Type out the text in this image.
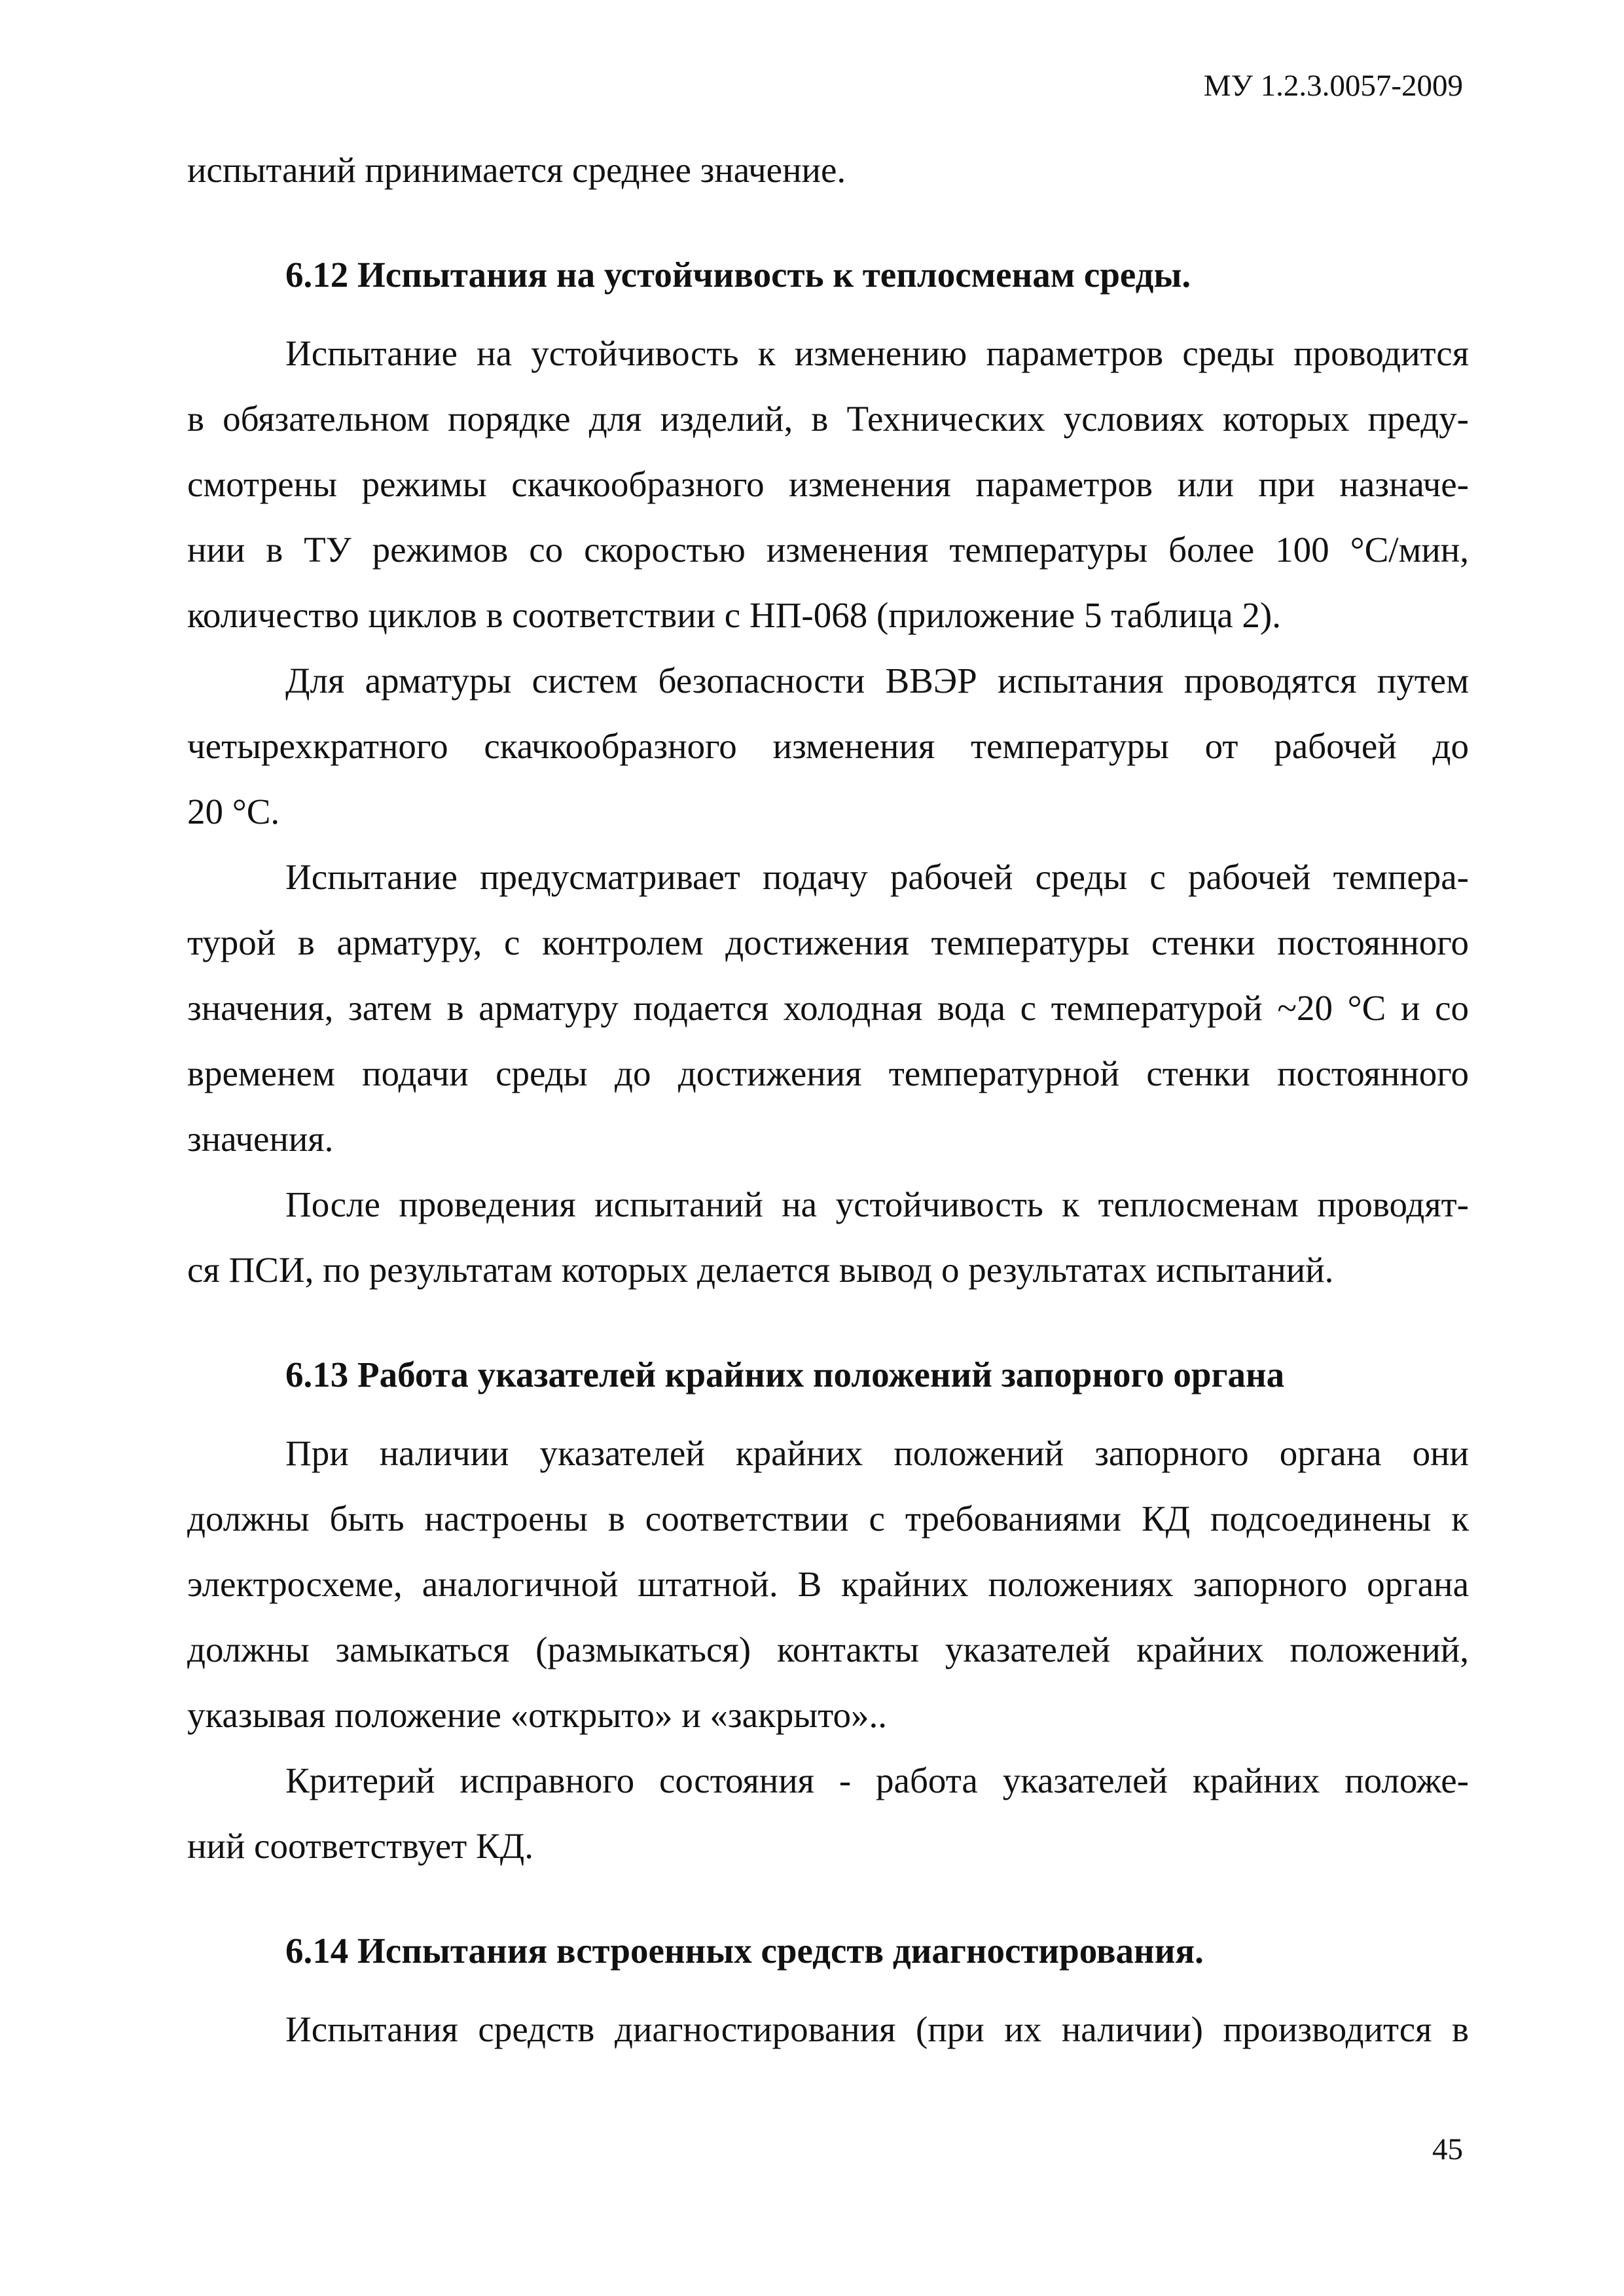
МУ 1.2.3.0057-2009
испытаний принимается среднее значение.
6.12 Испытания на устойчивость к теплосменам среды.
Испытание на устойчивость к изменению параметров среды проводится
в обязательном порядке для изделий, в Технических условиях которых преду-
смотрены режимы скачкообразного изменения параметров или при назначе-
нии в ТУ режимов со скоростью изменения температуры более 100 °С/мин,
количество циклов в соответствии с НП-068 (приложение 5 таблица 2).
Для арматуры систем безопасности ВВЭР испытания проводятся путем
четырехкратного скачкообразного изменения температуры от рабочей до
20 °С.
Испытание предусматривает подачу рабочей среды с рабочей темпера-
турой в арматуру, с контролем достижения температуры стенки постоянного
значения, затем в арматуру подается холодная вода с температурой ~20 °С и со
временем подачи среды до достижения температурной стенки постоянного
значения.
После проведения испытаний на устойчивость к теплосменам проводят-
ся ПСИ, по результатам которых делается вывод о результатах испытаний.
6.13 Работа указателей крайних положений запорного органа
При наличии указателей крайних положений запорного органа они
должны быть настроены в соответствии с требованиями КД подсоединены к
электросхеме, аналогичной штатной. В крайних положениях запорного органа
должны замыкаться (размыкаться) контакты указателей крайних положений,
указывая положение «открыто» и «закрыто»..
Критерий исправного состояния - работа указателей крайних положе-
ний соответствует КД.
6.14 Испытания встроенных средств диагностирования.
Испытания средств диагностирования (при их наличии) производится в
45
